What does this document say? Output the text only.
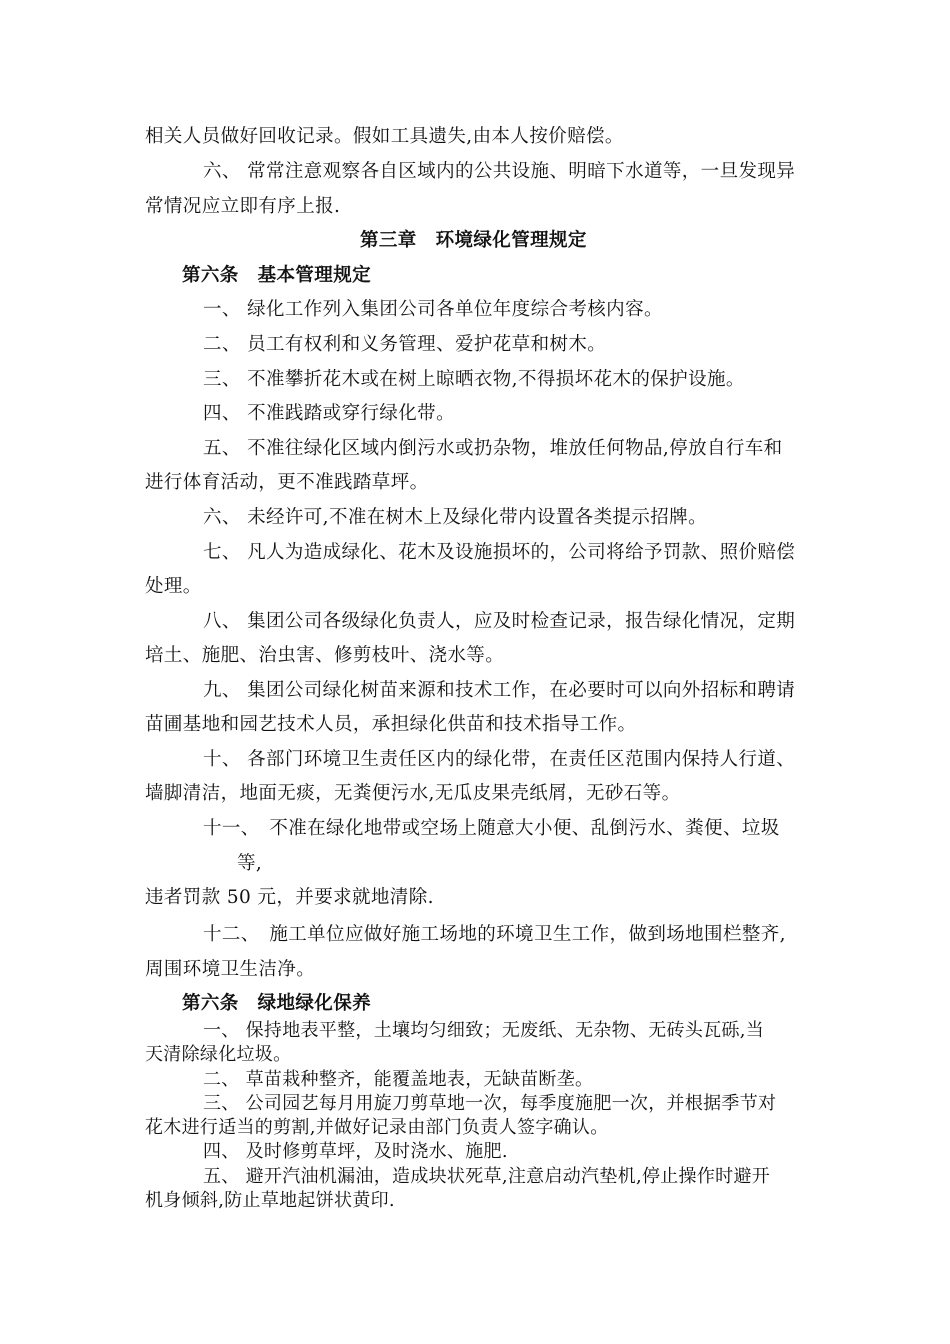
相关人员做好回收记录。假如工具遗失,由本人按价赔偿。
六、 常常注意观察各自区域内的公共设施、明暗下水道等，一旦发现异
常情况应立即有序上报.
第三章　环境绿化管理规定
第六条　基本管理规定
一、 绿化工作列入集团公司各单位年度综合考核内容。
二、 员工有权利和义务管理、爱护花草和树木。
三、 不准攀折花木或在树上晾晒衣物,不得损坏花木的保护设施。
四、 不准践踏或穿行绿化带。
五、 不准往绿化区域内倒污水或扔杂物，堆放任何物品,停放自行车和
进行体育活动，更不准践踏草坪。
六、 未经许可,不准在树木上及绿化带内设置各类提示招牌。
七、 凡人为造成绿化、花木及设施损坏的，公司将给予罚款、照价赔偿
处理。
八、 集团公司各级绿化负责人，应及时检查记录，报告绿化情况，定期
培土、施肥、治虫害、修剪枝叶、浇水等。
九、 集团公司绿化树苗来源和技术工作，在必要时可以向外招标和聘请
苗圃基地和园艺技术人员，承担绿化供苗和技术指导工作。
十、 各部门环境卫生责任区内的绿化带，在责任区范围内保持人行道、
墙脚清洁，地面无痰，无粪便污水,无瓜皮果壳纸屑，无砂石等。
十一、　不准在绿化地带或空场上随意大小便、乱倒污水、粪便、垃圾
等,
违者罚款 50 元，并要求就地清除.
十二、　施工单位应做好施工场地的环境卫生工作，做到场地围栏整齐,
周围环境卫生洁净。
第六条　绿地绿化保养
一、 保持地表平整，土壤均匀细致；无废纸、无杂物、无砖头瓦砾,当
天清除绿化垃圾。
二、 草苗栽种整齐，能覆盖地表，无缺苗断垄。
三、 公司园艺每月用旋刀剪草地一次，每季度施肥一次，并根据季节对
花木进行适当的剪割,并做好记录由部门负责人签字确认。
四、 及时修剪草坪，及时浇水、施肥.
五、 避开汽油机漏油，造成块状死草,注意启动汽垫机,停止操作时避开
机身倾斜,防止草地起饼状黄印.
